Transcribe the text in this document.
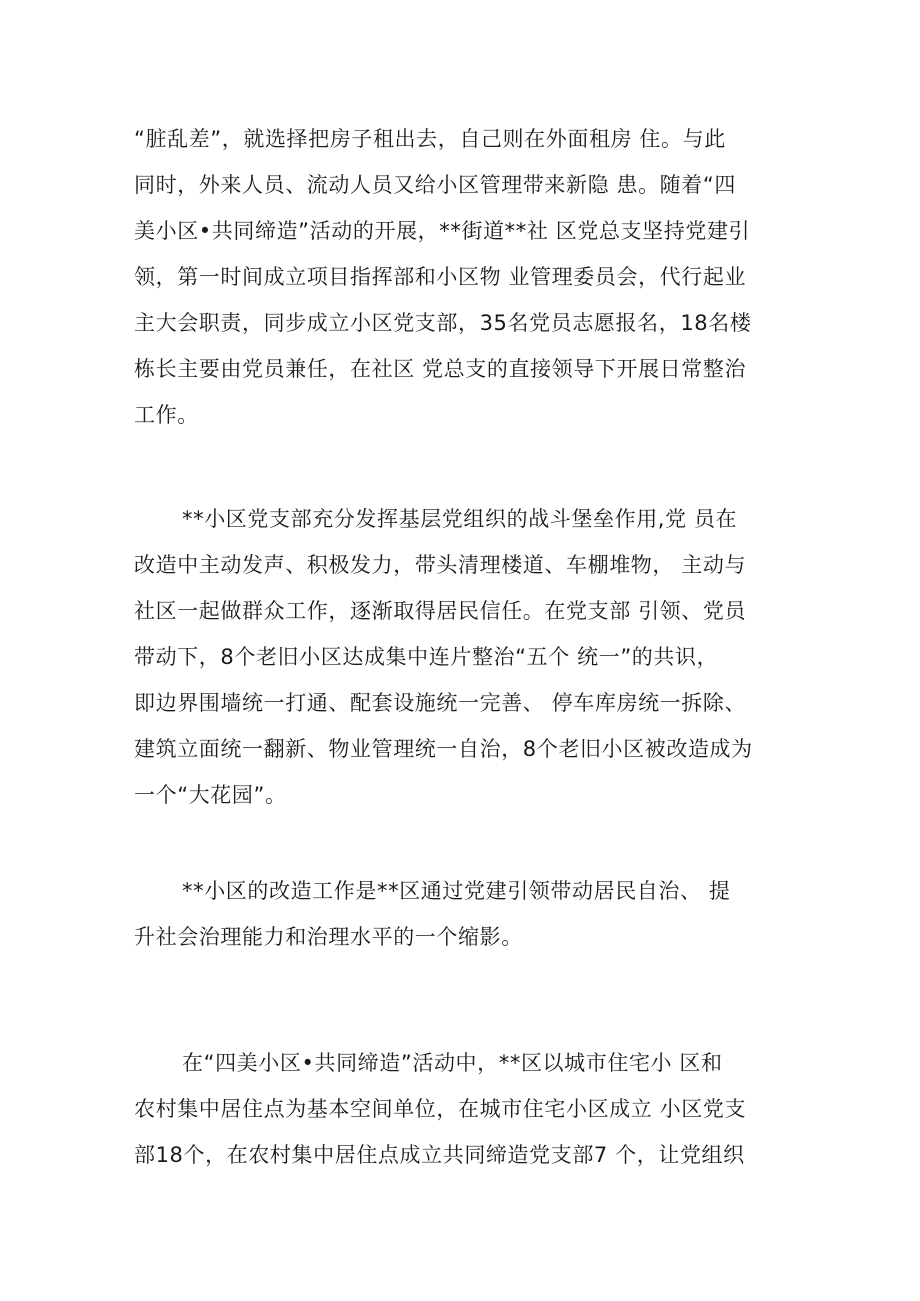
“脏乱差”，就选择把房子租出去，自己则在外面租房 住。与此
同时，外来人员、流动人员又给小区管理带来新隐 患。随着“四
美小区•共同缔造”活动的开展，**街道**社 区党总支坚持党建引
领，第一时间成立项目指挥部和小区物 业管理委员会，代行起业
主大会职责，同步成立小区党支部，35名党员志愿报名，18名楼
栋长主要由党员兼任，在社区 党总支的直接领导下开展日常整治
工作。
**小区党支部充分发挥基层党组织的战斗堡垒作用,党 员在
改造中主动发声、积极发力，带头清理楼道、车棚堆物， 主动与
社区一起做群众工作，逐渐取得居民信任。在党支部 引领、党员
带动下，8个老旧小区达成集中连片整治“五个 统一”的共识，
即边界围墙统一打通、配套设施统一完善、 停车库房统一拆除、
建筑立面统一翻新、物业管理统一自治，8个老旧小区被改造成为
一个“大花园”。
**小区的改造工作是**区通过党建引领带动居民自治、 提
升社会治理能力和治理水平的一个缩影。
在“四美小区•共同缔造”活动中，**区以城市住宅小 区和
农村集中居住点为基本空间单位，在城市住宅小区成立 小区党支
部18个，在农村集中居住点成立共同缔造党支部7 个，让党组织
